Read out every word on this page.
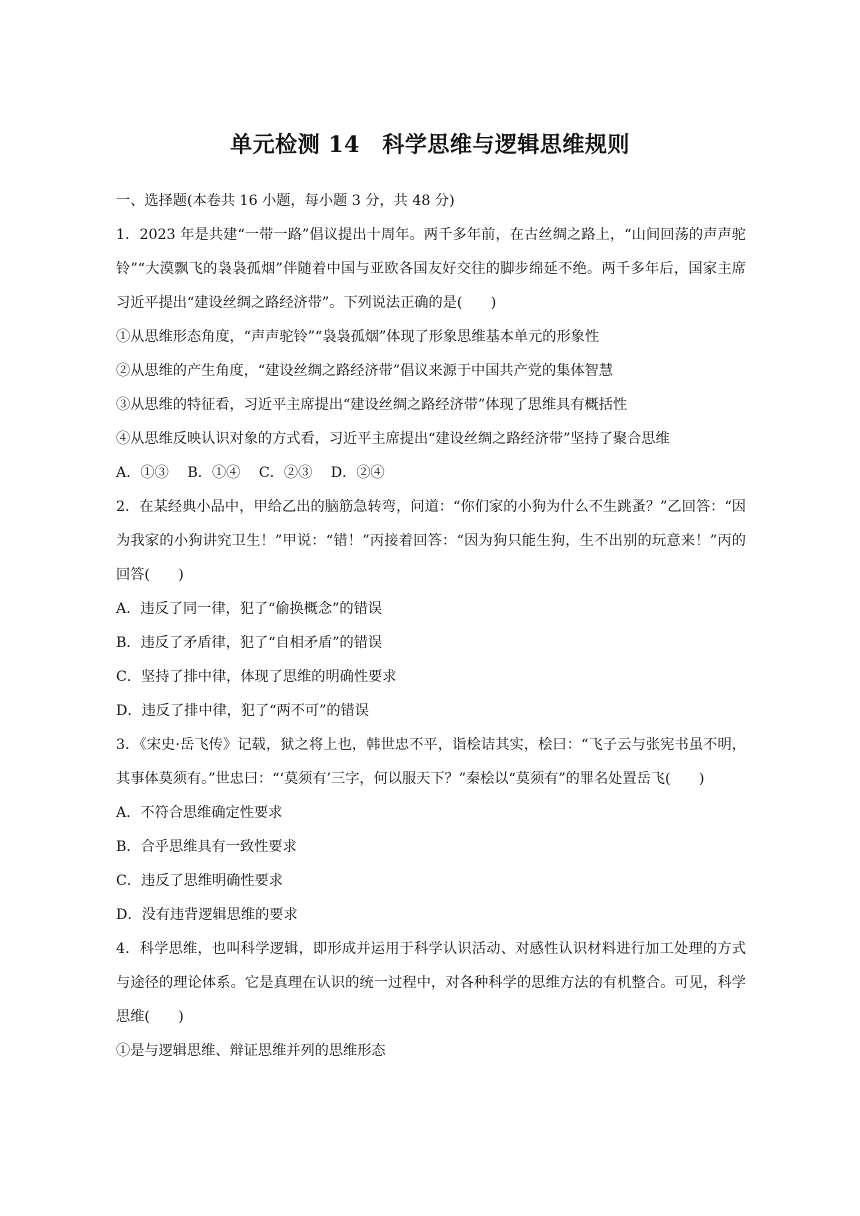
单元检测 14　科学思维与逻辑思维规则

一、选择题(本卷共 16 小题，每小题 3 分，共 48 分)

1．2023 年是共建“一带一路”倡议提出十周年。两千多年前，在古丝绸之路上，“山间回荡的声声驼铃”“大漠飘飞的袅袅孤烟”伴随着中国与亚欧各国友好交往的脚步绵延不绝。两千多年后，国家主席习近平提出“建设丝绸之路经济带”。下列说法正确的是(　　)

①从思维形态角度，“声声驼铃”“袅袅孤烟”体现了形象思维基本单元的形象性

②从思维的产生角度，“建设丝绸之路经济带”倡议来源于中国共产党的集体智慧

③从思维的特征看，习近平主席提出“建设丝绸之路经济带”体现了思维具有概括性

④从思维反映认识对象的方式看，习近平主席提出“建设丝绸之路经济带”坚持了聚合思维

A．①③ B．①④ C．②③ D．②④

2．在某经典小品中，甲给乙出的脑筋急转弯，问道：“你们家的小狗为什么不生跳蚤？”乙回答：“因为我家的小狗讲究卫生！”甲说：“错！”丙接着回答：“因为狗只能生狗，生不出别的玩意来！”丙的回答(　　)

A．违反了同一律，犯了“偷换概念”的错误

B．违反了矛盾律，犯了“自相矛盾”的错误

C．坚持了排中律，体现了思维的明确性要求

D．违反了排中律，犯了“两不可”的错误

3．《宋史·岳飞传》记载，狱之将上也，韩世忠不平，诣桧诘其实，桧曰：“飞子云与张宪书虽不明，其事体莫须有。”世忠曰：“‘莫须有’三字，何以服天下？”秦桧以“莫须有”的罪名处置岳飞(　　)

A．不符合思维确定性要求

B．合乎思维具有一致性要求

C．违反了思维明确性要求

D．没有违背逻辑思维的要求

4．科学思维，也叫科学逻辑，即形成并运用于科学认识活动、对感性认识材料进行加工处理的方式与途径的理论体系。它是真理在认识的统一过程中，对各种科学的思维方法的有机整合。可见，科学思维(　　)

①是与逻辑思维、辩证思维并列的思维形态
